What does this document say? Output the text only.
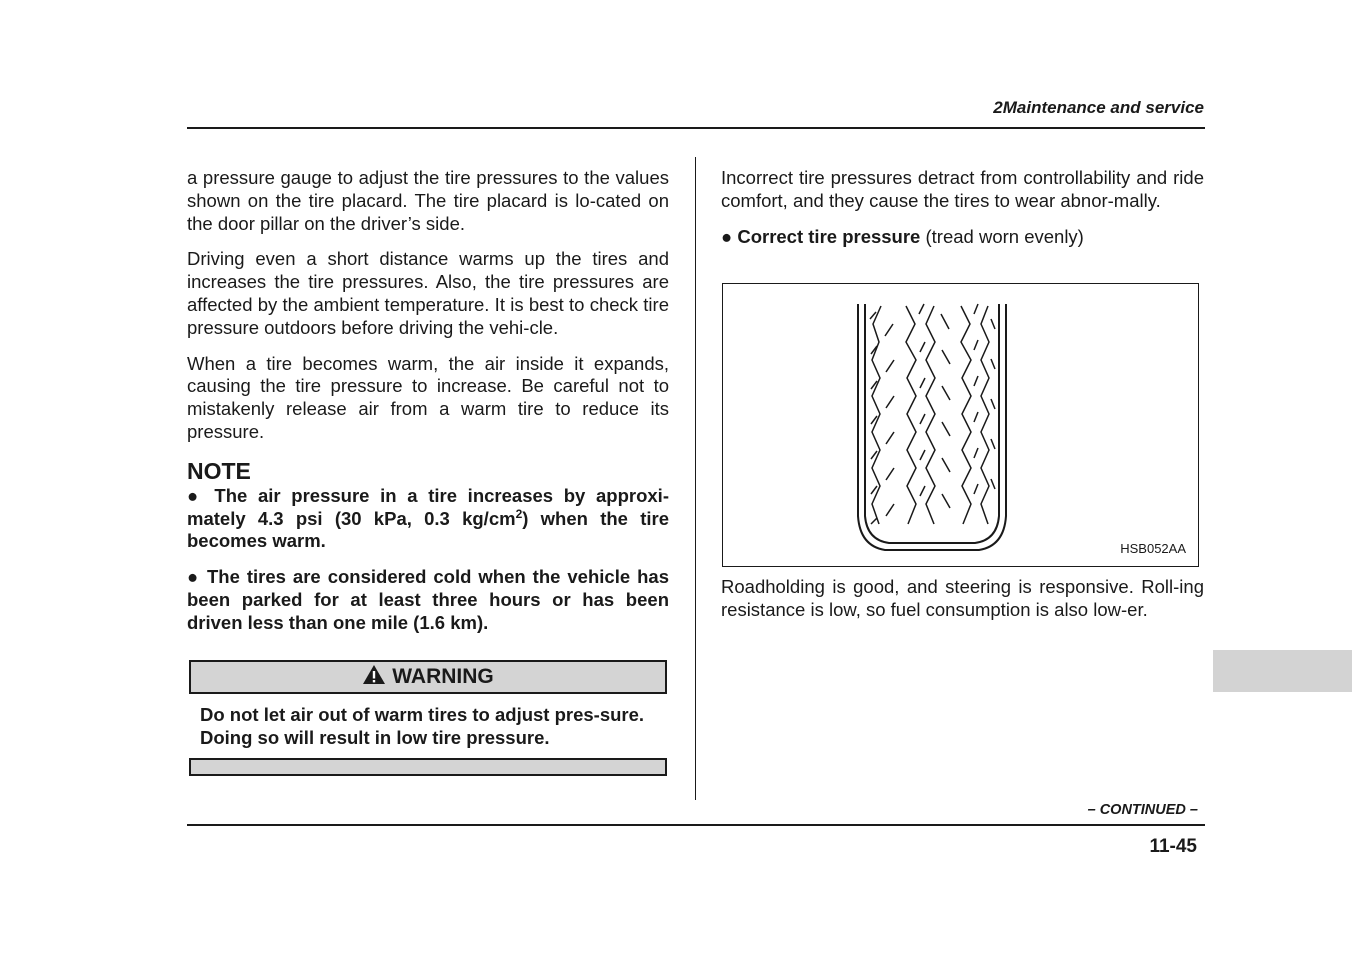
2Maintenance and service

a pressure gauge to adjust the tire pressures to the values shown on the tire placard. The tire placard is lo-cated on the door pillar on the driver’s side.

Driving even a short distance warms up the tires and increases the tire pressures. Also, the tire pressures are affected by the ambient temperature. It is best to check tire pressure outdoors before driving the vehi-cle.

When a tire becomes warm, the air inside it expands, causing the tire pressure to increase. Be careful not to mistakenly release air from a warm tire to reduce its pressure.

NOTE

● The air pressure in a tire increases by approxi-mately 4.3 psi (30 kPa, 0.3 $kg/cm^2$) when the tire becomes warm.

● The tires are considered cold when the vehicle has been parked for at least three hours or has been driven less than one mile (1.6 km).

WARNING
Do not let air out of warm tires to adjust pres-sure. Doing so will result in low tire pressure.

Incorrect tire pressures detract from controllability and ride comfort, and they cause the tires to wear abnor-mally.

● Correct tire pressure (tread worn evenly)

HSB052AA

Roadholding is good, and steering is responsive. Roll-ing resistance is low, so fuel consumption is also low-er.

– CONTINUED –
11-45
